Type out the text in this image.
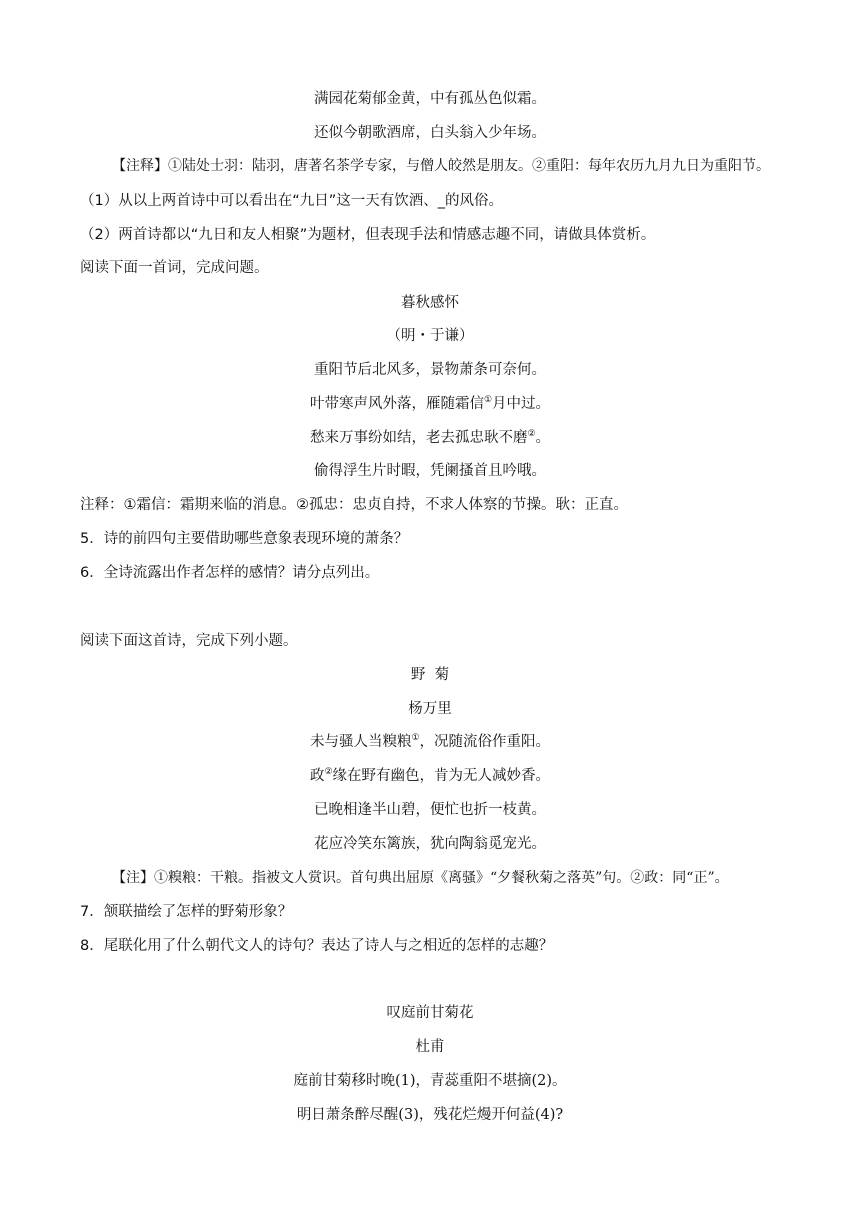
满园花菊郁金黄，中有孤丛色似霜。
还似今朝歌酒席，白头翁入少年场。
【注释】①陆处士羽：陆羽，唐著名茶学专家，与僧人皎然是朋友。②重阳：每年农历九月九日为重阳节。
（1）从以上两首诗中可以看出在“九日”这一天有饮酒、_的风俗。
（2）两首诗都以“九日和友人相聚”为题材，但表现手法和情感志趣不同，请做具体赏析。
阅读下面一首词，完成问题。
暮秋感怀
（明・于谦）
重阳节后北风多，景物萧条可奈何。
叶带寒声风外落，雁随霜信①月中过。
愁来万事纷如结，老去孤忠耿不磨②。
偷得浮生片时暇，凭阑搔首且吟哦。
注释：①霜信：霜期来临的消息。②孤忠：忠贞自持，不求人体察的节操。耿：正直。
5．诗的前四句主要借助哪些意象表现环境的萧条？
6．全诗流露出作者怎样的感情？请分点列出。
阅读下面这首诗，完成下列小题。
野  菊
杨万里
未与骚人当糗粮①，况随流俗作重阳。
政②缘在野有幽色，肯为无人减妙香。
已晚相逢半山碧，便忙也折一枝黄。
花应冷笑东篱族，犹向陶翁觅宠光。
【注】①糗粮：干粮。指被文人赏识。首句典出屈原《离骚》“夕餐秋菊之落英”句。②政：同“正”。
7．颔联描绘了怎样的野菊形象？
8．尾联化用了什么朝代文人的诗句？表达了诗人与之相近的怎样的志趣？
叹庭前甘菊花
杜甫
庭前甘菊移时晚(1)，青蕊重阳不堪摘(2)。
明日萧条醉尽醒(3)，残花烂熳开何益(4)?
